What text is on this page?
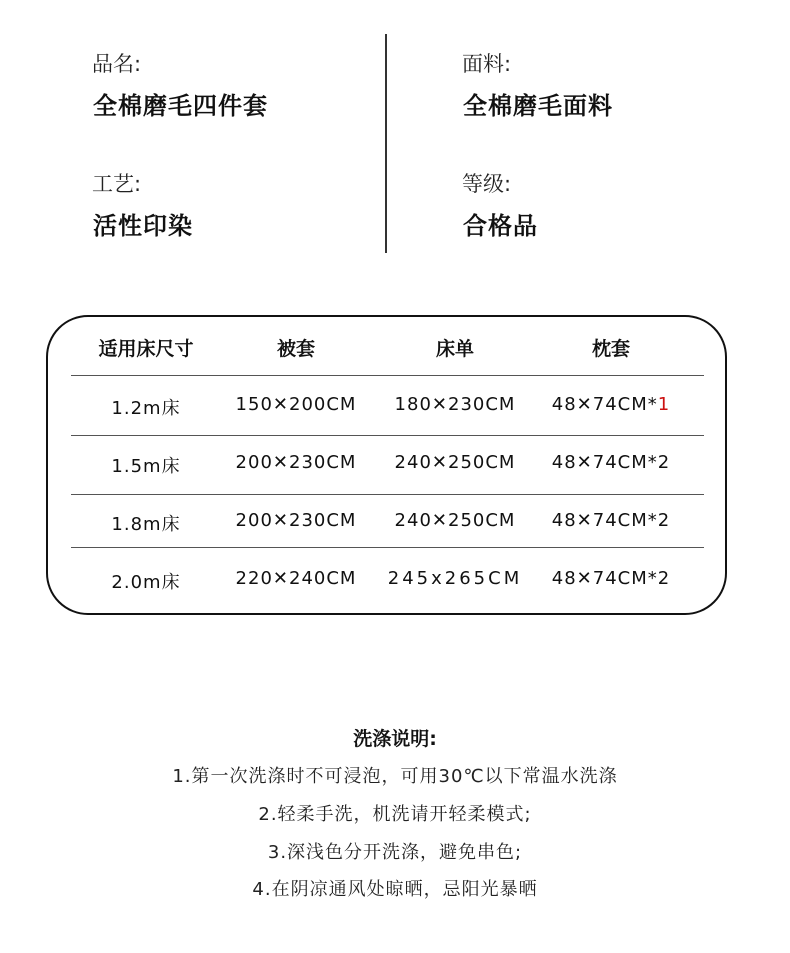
品名:
全棉磨毛四件套
面料:
全棉磨毛面料
工艺:
活性印染
等级:
合格品
适用床尺寸	被套	床单	枕套
1.2m床	150✕200CM	180✕230CM	48✕74CM*1
1.5m床	200✕230CM	240✕250CM	48✕74CM*2
1.8m床	200✕230CM	240✕250CM	48✕74CM*2
2.0m床	220✕240CM	245x265CM	48✕74CM*2
洗涤说明:
1.第一次洗涤时不可浸泡，可用30℃以下常温水洗涤
2.轻柔手洗，机洗请开轻柔模式;
3.深浅色分开洗涤，避免串色;
4.在阴凉通风处晾晒，忌阳光暴晒
